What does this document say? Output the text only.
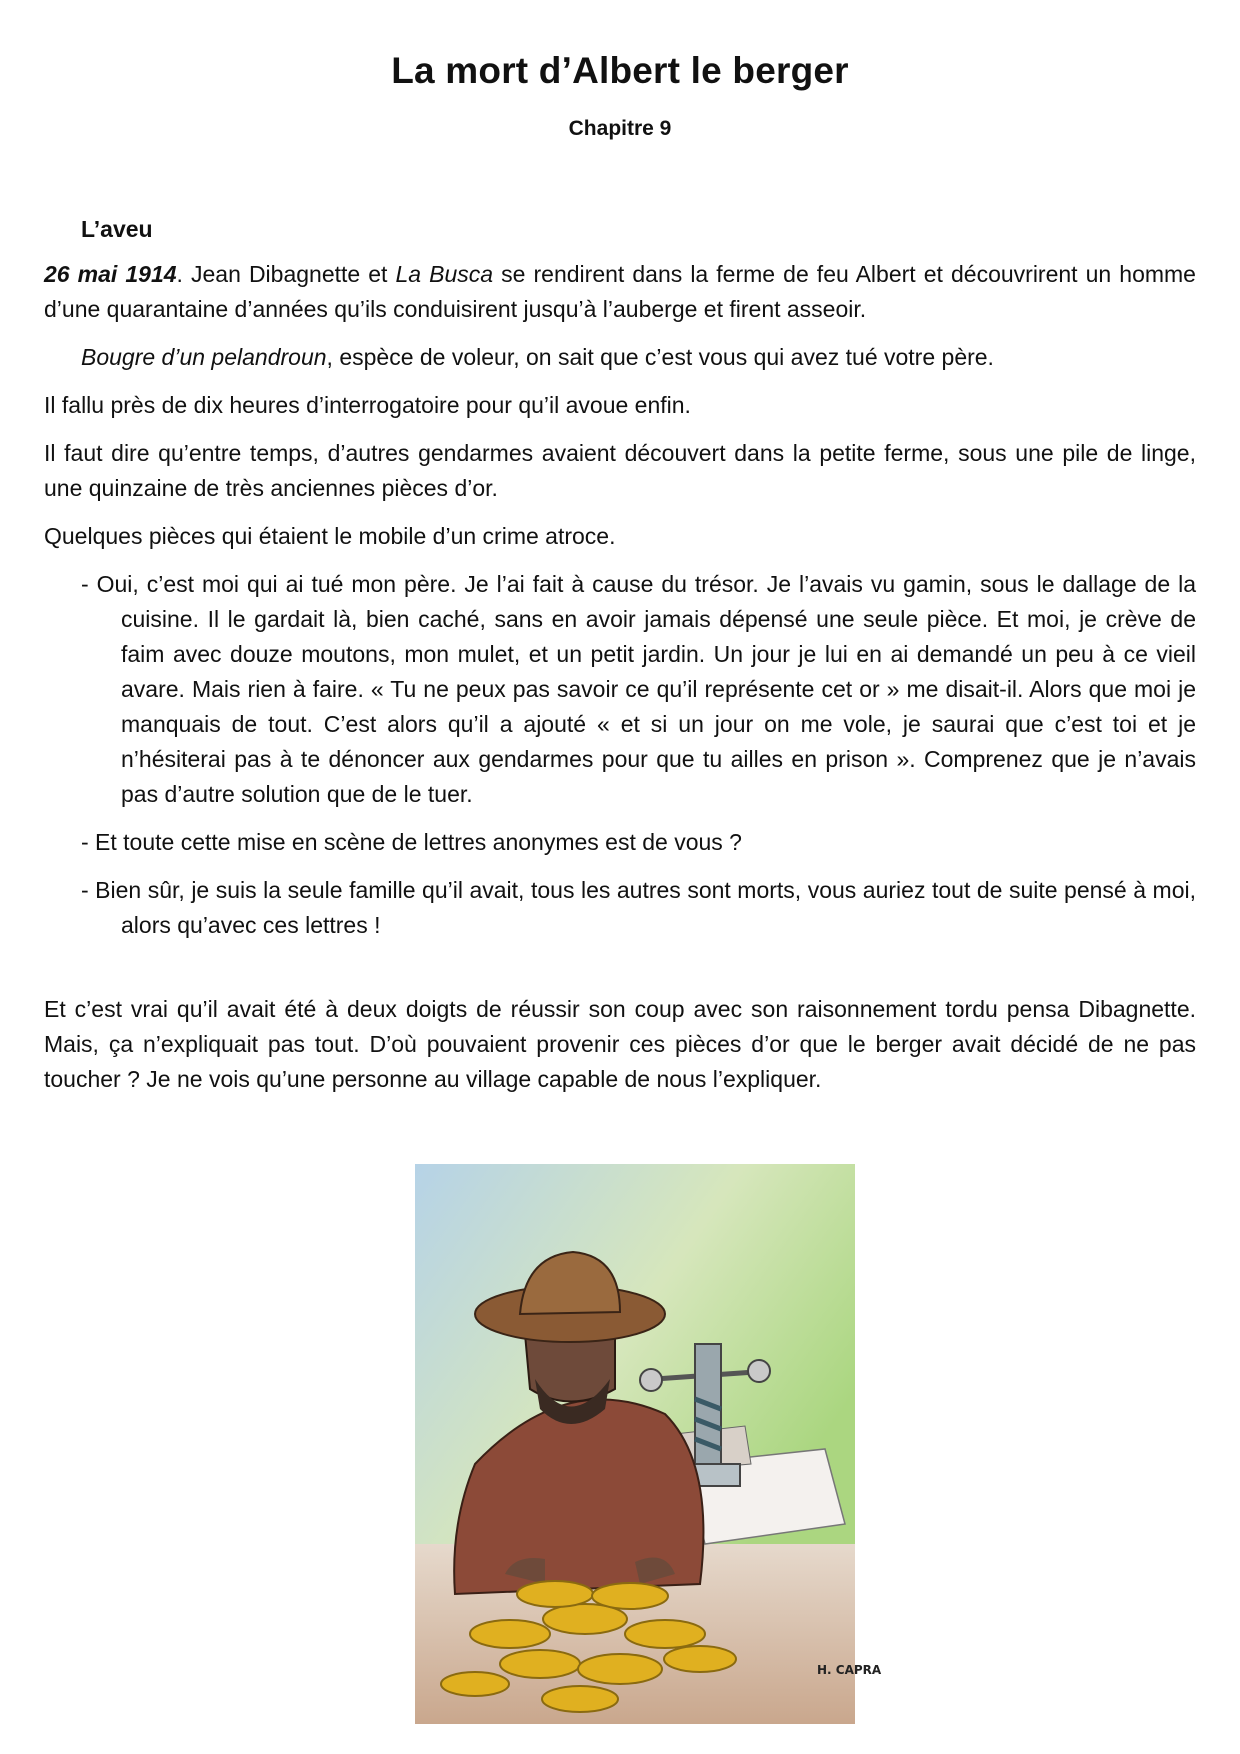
La mort d’Albert le berger
Chapitre 9

L’aveu

26 mai 1914. Jean Dibagnette et La Busca se rendirent dans la ferme de feu Albert et découvrirent un homme d’une quarantaine d’années qu’ils conduisirent jusqu’à l’auberge et firent asseoir.

Bougre d’un pelandroun, espèce de voleur, on sait que c’est vous qui avez tué votre père.

Il fallu près de dix heures d’interrogatoire pour qu’il avoue enfin.

Il faut dire qu’entre temps, d’autres gendarmes avaient découvert dans la petite ferme, sous une pile de linge, une quinzaine de très anciennes pièces d’or.

Quelques pièces qui étaient le mobile d’un crime atroce.

- Oui, c’est moi qui ai tué mon père. Je l’ai fait à cause du trésor. Je l’avais vu gamin, sous le dallage de la cuisine. Il le gardait là, bien caché, sans en avoir jamais dépensé une seule pièce. Et moi, je crève de faim avec douze moutons, mon mulet, et un petit jardin. Un jour je lui en ai demandé un peu à ce vieil avare. Mais rien à faire. « Tu ne peux pas savoir ce qu’il représente cet or » me disait-il. Alors que moi je manquais de tout. C’est alors qu’il a ajouté « et si un jour on me vole, je saurai que c’est toi et je n’hésiterai pas à te dénoncer aux gendarmes pour que tu ailles en prison ». Comprenez que je n’avais pas d’autre solution que de le tuer.

- Et toute cette mise en scène de lettres anonymes est de vous ?

- Bien sûr, je suis la seule famille qu’il avait, tous les autres sont morts, vous auriez tout de suite pensé à moi, alors qu’avec ces lettres !

Et c’est vrai qu’il avait été à deux doigts de réussir son coup avec son raisonnement tordu pensa Dibagnette. Mais, ça n’expliquait pas tout. D’où pouvaient provenir ces pièces d’or que le berger avait décidé de ne pas toucher ? Je ne vois qu’une personne au village capable de nous l’expliquer.

H. CAPRA
